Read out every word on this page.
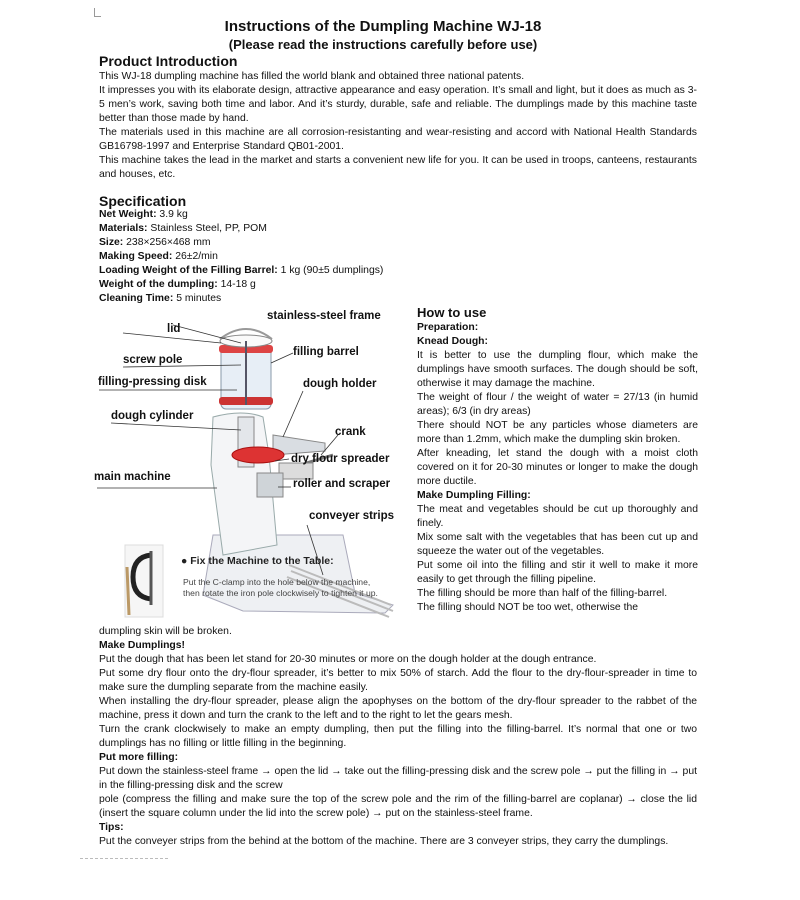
Instructions of the Dumpling Machine WJ-18
(Please read the instructions carefully before use)
Product Introduction

This WJ-18 dumpling machine has filled the world blank and obtained three national patents.

It impresses you with its elaborate design, attractive appearance and easy operation. It’s small and light, but it does as much as 3-5 men’s work, saving both time and labor. And it’s sturdy, durable, safe and reliable. The dumplings made by this machine taste better than those made by hand.

The materials used in this machine are all corrosion-resistanting and wear-resisting and accord with National Health Standards GB16798-1997 and Enterprise Standard QB01-2001.

This machine takes the lead in the market and starts a convenient new life for you. It can be used in troops, canteens, restaurants and houses, etc.

Specification
Net Weight: 3.9 kg
Materials: Stainless Steel, PP, POM
Size: 238×256×468 mm
Making Speed: 26±2/min
Loading Weight of the Filling Barrel: 1 kg (90±5 dumplings)
Weight of the dumpling: 14-18 g
Cleaning Time: 5 minutes
stainless-steel frame
lid
screw pole
filling barrel
filling-pressing disk	dough holder
dough cylinder
crank
dry flour spreader
main machine
roller and scraper
conveyer strips
● Fix the Machine to the Table:
Put the C-clamp into the hole below the machine,
then rotate the iron pole clockwisely to tighten it up.

How to use

Preparation:

Knead Dough:

It is better to use the dumpling flour, which make the dumplings have smooth surfaces. The dough should be soft, otherwise it may damage the machine.

The weight of flour / the weight of water = 27/13 (in humid areas); 6/3 (in dry areas)

There should NOT be any particles whose diameters are more than 1.2mm, which make the dumpling skin broken.

After kneading, let stand the dough with a moist cloth covered on it for 20-30 minutes or longer to make the dough more ductile.

Make Dumpling Filling:

The meat and vegetables should be cut up thoroughly and finely.

Mix some salt with the vegetables that has been cut up and squeeze the water out of the vegetables.

Put some oil into the filling and stir it well to make it more easily to get through the filling pipeline.

The filling should be more than half of the filling-barrel.

The filling should NOT be too wet, otherwise the

dumpling skin will be broken.

Make Dumplings!

Put the dough that has been let stand for 20-30 minutes or more on the dough holder at the dough entrance.

Put some dry flour onto the dry-flour spreader, it’s better to mix 50% of starch. Add the flour to the dry-flour-spreader in time to make sure the dumpling separate from the machine easily.

When installing the dry-flour spreader, please align the apophyses on the bottom of the dry-flour spreader to the rabbet of the machine, press it down and turn the crank to the left and to the right to let the gears mesh.

Turn the crank clockwisely to make an empty dumpling, then put the filling into the filling-barrel. It’s normal that one or two dumplings has no filling or little filling in the beginning.

Put more filling:

Put down the stainless-steel frame → open the lid → take out the filling-pressing disk and the screw pole → put the filling in → put in the filling-pressing disk and the screw

pole (compress the filling and make sure the top of the screw pole and the rim of the filling-barrel are coplanar) → close the lid (insert the square column under the lid into the screw pole) → put on the stainless-steel frame.

Tips:

Put the conveyer strips from the behind at the bottom of the machine. There are 3 conveyer strips, they carry the dumplings.
